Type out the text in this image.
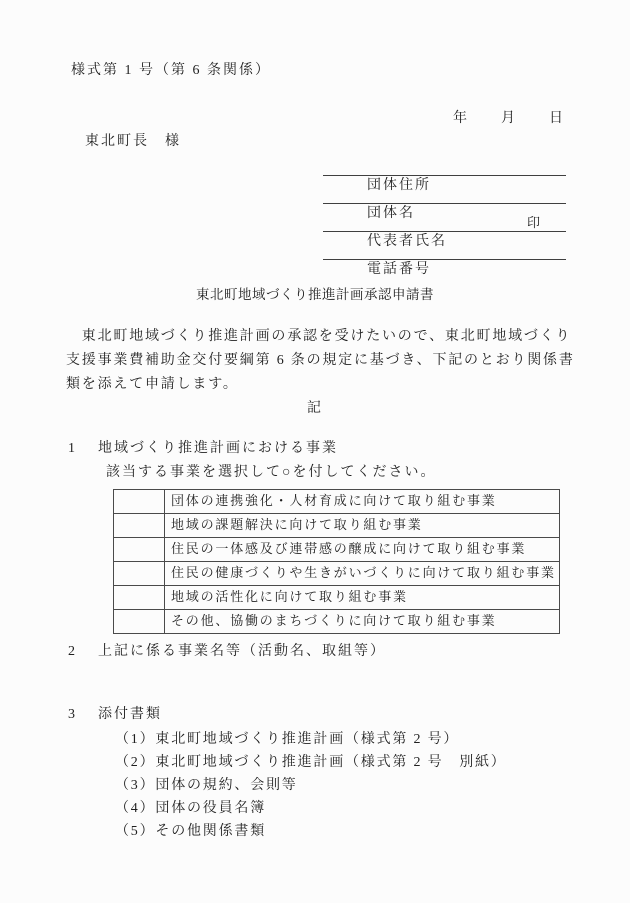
様式第 1 号（第 6 条関係）
年　　月　　日
東北町長　様

団体住所

団体名

代表者氏名

印

電話番号

東北町地域づくり推進計画承認申請書
　東北町地域づくり推進計画の承認を受けたいので、東北町地域づくり
支援事業費補助金交付要綱第 6 条の規定に基づき、下記のとおり関係書
類を添えて申請します。
記
1 地域づくり推進計画における事業
該当する事業を選択して○を付してください。
団体の連携強化・人材育成に向けて取り組む事業
地域の課題解決に向けて取り組む事業
住民の一体感及び連帯感の醸成に向けて取り組む事業
住民の健康づくりや生きがいづくりに向けて取り組む事業
地域の活性化に向けて取り組む事業
その他、協働のまちづくりに向けて取り組む事業
2 上記に係る事業名等（活動名、取組等）
3 添付書類
（1）東北町地域づくり推進計画（様式第 2 号）
（2）東北町地域づくり推進計画（様式第 2 号　別紙）
（3）団体の規約、会則等
（4）団体の役員名簿
（5）その他関係書類
